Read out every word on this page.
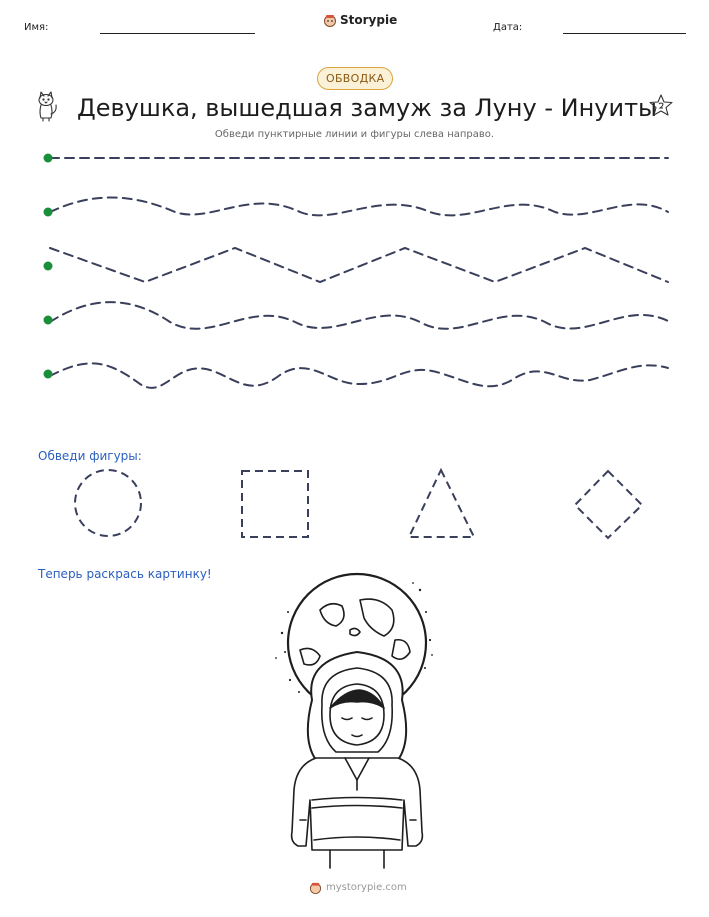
Имя:
Storypie
Дата:
ОБВОДКА
Девушка, вышедшая замуж за Луну - Инуиты
Обведи пунктирные линии и фигуры слева направо.
Обведи фигуры:
Теперь раскрась картинку!
mystorypie.com
